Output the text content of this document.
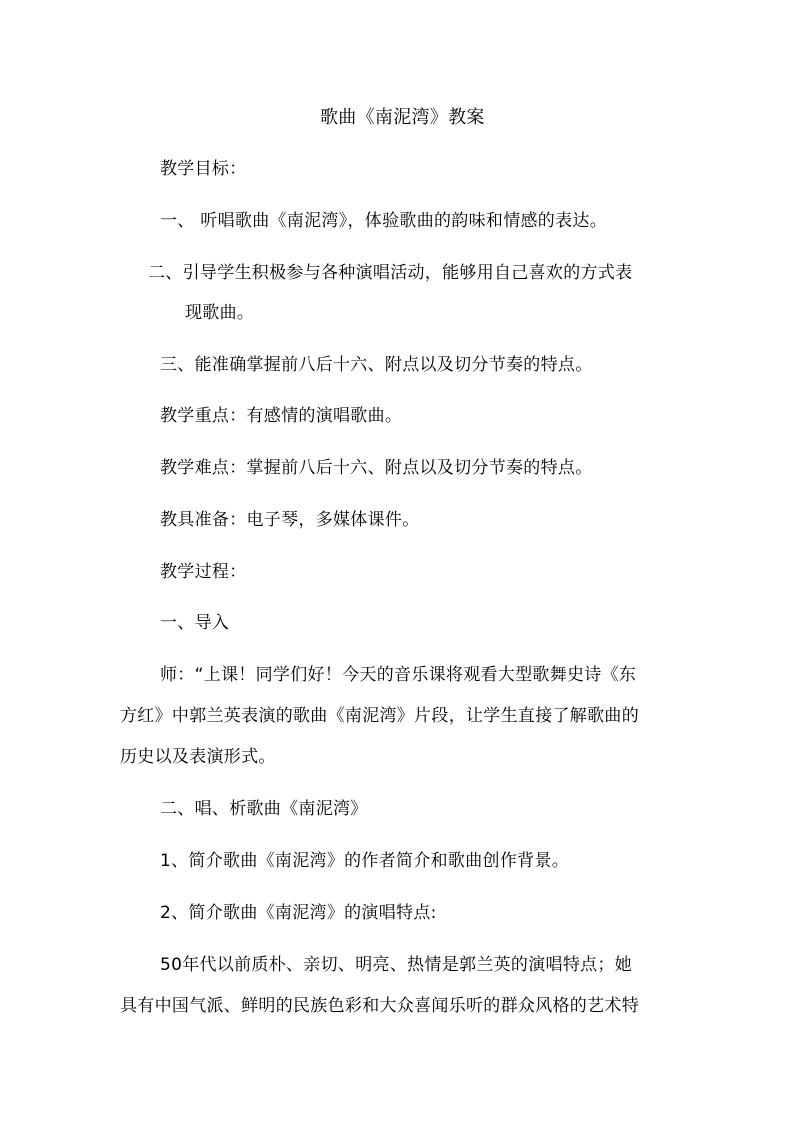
歌曲《南泥湾》教案
教学目标：
一、 听唱歌曲《南泥湾》，体验歌曲的韵味和情感的表达。
二、引导学生积极参与各种演唱活动，能够用自己喜欢的方式表
现歌曲。
三、能准确掌握前八后十六、附点以及切分节奏的特点。
教学重点：有感情的演唱歌曲。
教学难点：掌握前八后十六、附点以及切分节奏的特点。
教具准备：电子琴，多媒体课件。
教学过程：
一、导入
师：“上课！同学们好！今天的音乐课将观看大型歌舞史诗《东
方红》中郭兰英表演的歌曲《南泥湾》片段，让学生直接了解歌曲的
历史以及表演形式。
二、唱、析歌曲《南泥湾》
1、简介歌曲《南泥湾》的作者简介和歌曲创作背景。
2、简介歌曲《南泥湾》的演唱特点:
50年代以前质朴、亲切、明亮、热情是郭兰英的演唱特点；她
具有中国气派、鲜明的民族色彩和大众喜闻乐听的群众风格的艺术特
